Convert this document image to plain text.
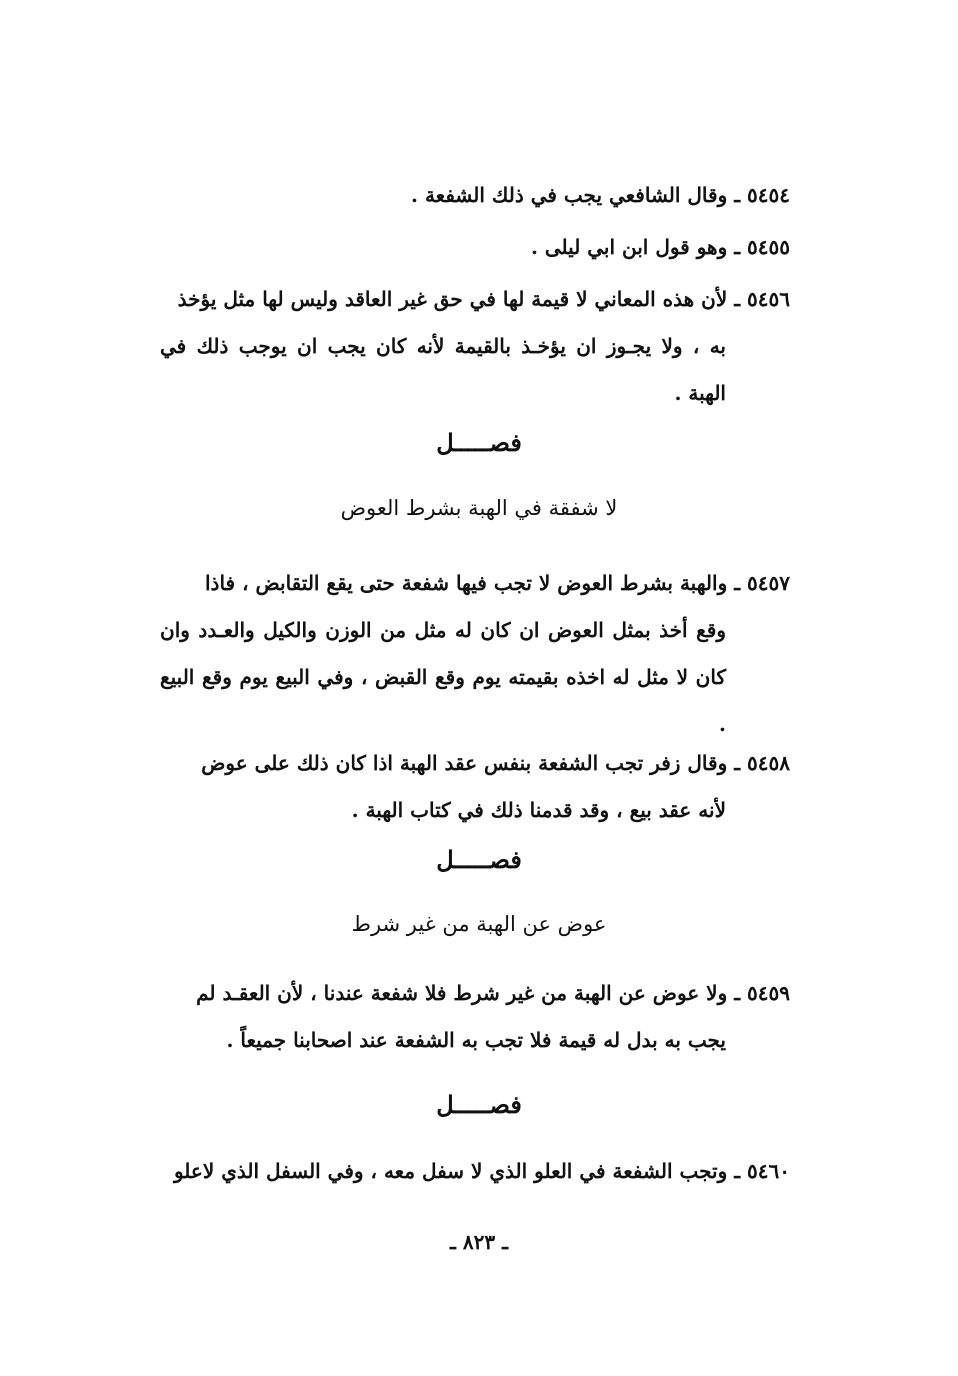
٥٤٥٤ ـ وقال الشافعي يجب في ذلك الشفعة .
٥٤٥٥ ـ وهو قول ابن ابي ليلى .
٥٤٥٦ ـ لأن هذه المعاني لا قيمة لها في حق غير العاقد وليس لها مثل يؤخذ
به ، ولا يجـوز ان يؤخـذ بالقيمة لأنه كان يجب ان يوجب ذلك في الهبة .
فصـــــل
لا شفقة في الهبة بشرط العوض
٥٤٥٧ ـ والهبة بشرط العوض لا تجب فيها شفعة حتى يقع التقابض ، فاذا
وقع أخذ بمثل العوض ان كان له مثل من الوزن والكيل والعـدد وان كان لا مثل له اخذه بقيمته يوم وقع القبض ، وفي البيع يوم وقع البيع .
٥٤٥٨ ـ وقال زفر تجب الشفعة بنفس عقد الهبة اذا كان ذلك على عوض
لأنه عقد بيع ، وقد قدمنا ذلك في كتاب الهبة .
فصـــــل
عوض عن الهبة من غير شرط
٥٤٥٩ ـ ولا عوض عن الهبة من غير شرط فلا شفعة عندنا ، لأن العقـد لم
يجب به بدل له قيمة فلا تجب به الشفعة عند اصحابنا جميعاً .
فصـــــل
٥٤٦٠ ـ وتجب الشفعة في العلو الذي لا سفل معه ، وفي السفل الذي لاعلو
ـ ٨٢٣ ـ
